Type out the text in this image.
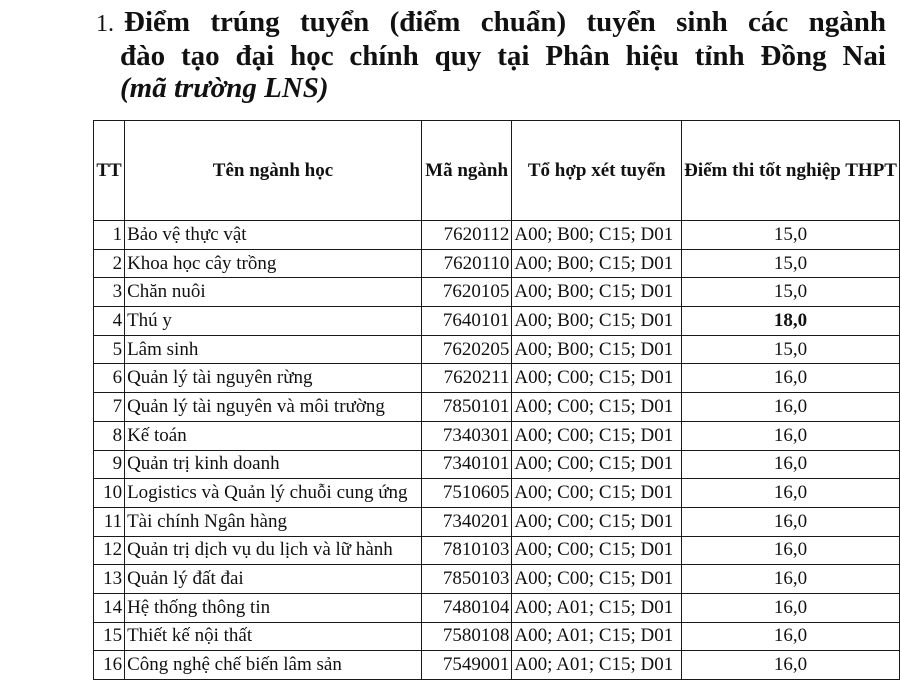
1. Điểm trúng tuyển (điểm chuẩn) tuyển sinh các ngành
đào tạo đại học chính quy tại Phân hiệu tỉnh Đồng Nai
(mã trường LNS)
TT	Tên ngành học	Mã ngành	Tổ hợp xét tuyển	Điểm thi tốt nghiệp THPT
1	Bảo vệ thực vật	7620112	A00; B00; C15; D01	15,0
2	Khoa học cây trồng	7620110	A00; B00; C15; D01	15,0
3	Chăn nuôi	7620105	A00; B00; C15; D01	15,0
4	Thú y	7640101	A00; B00; C15; D01	18,0
5	Lâm sinh	7620205	A00; B00; C15; D01	15,0
6	Quản lý tài nguyên rừng	7620211	A00; C00; C15; D01	16,0
7	Quản lý tài nguyên và môi trường	7850101	A00; C00; C15; D01	16,0
8	Kế toán	7340301	A00; C00; C15; D01	16,0
9	Quản trị kinh doanh	7340101	A00; C00; C15; D01	16,0
10	Logistics và Quản lý chuỗi cung ứng	7510605	A00; C00; C15; D01	16,0
11	Tài chính Ngân hàng	7340201	A00; C00; C15; D01	16,0
12	Quản trị dịch vụ du lịch và lữ hành	7810103	A00; C00; C15; D01	16,0
13	Quản lý đất đai	7850103	A00; C00; C15; D01	16,0
14	Hệ thống thông tin	7480104	A00; A01; C15; D01	16,0
15	Thiết kế nội thất	7580108	A00; A01; C15; D01	16,0
16	Công nghệ chế biến lâm sản	7549001	A00; A01; C15; D01	16,0
